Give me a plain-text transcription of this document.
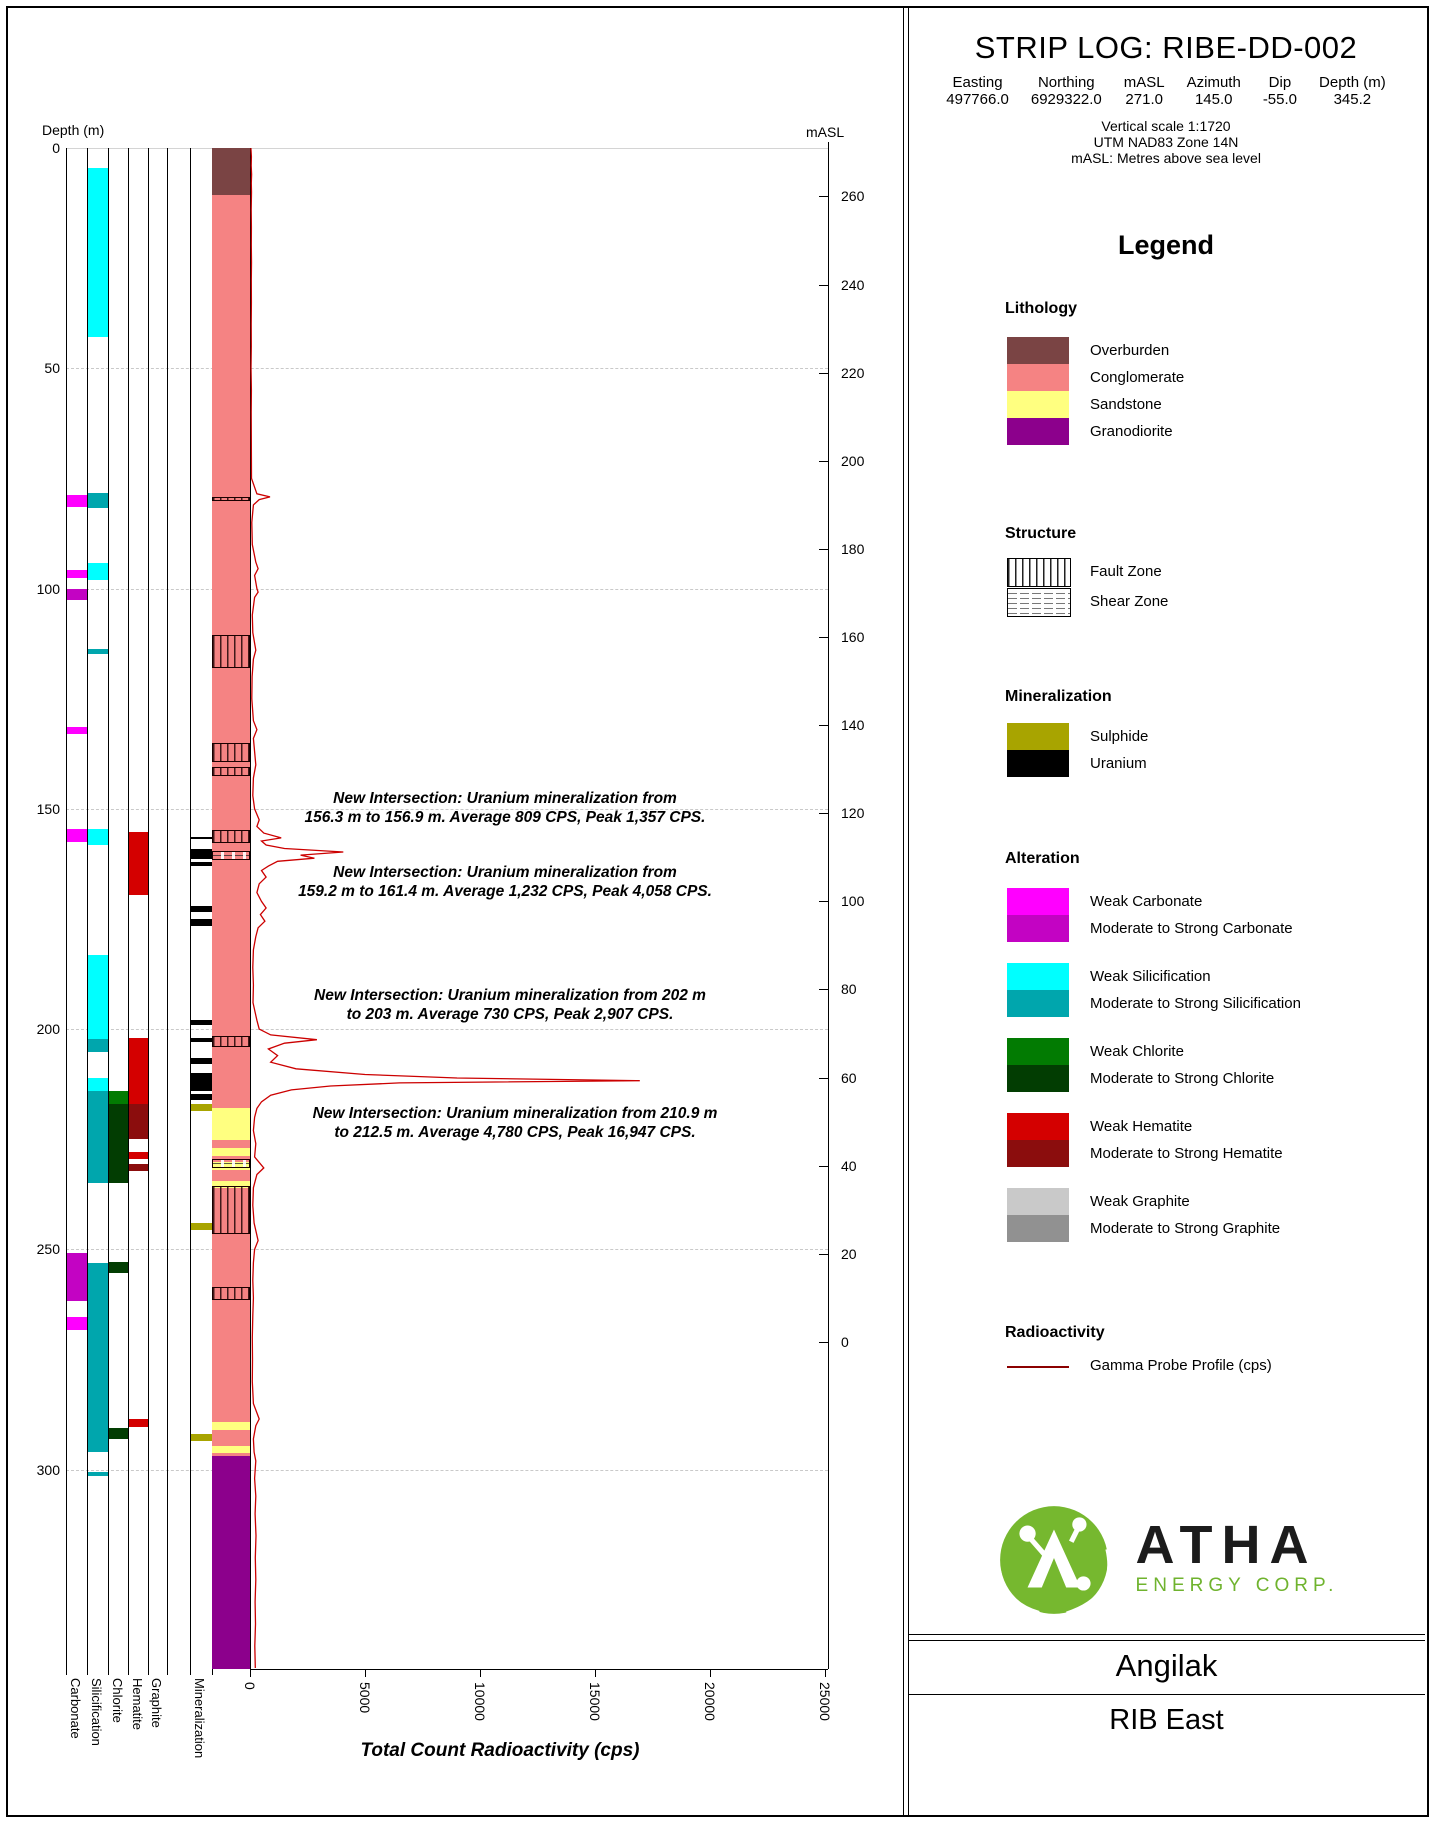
STRIP LOG: RIBE-DD-002
Easting
497766.0
Northing
6929322.0
mASL
271.0
Azimuth
145.0
Dip
-55.0
Depth (m)
345.2
Vertical scale 1:1720
UTM NAD83 Zone 14N
mASL: Metres above sea level
Legend
Lithology
Structure
Mineralization
Alteration
Radioactivity
Overburden
Conglomerate
Sandstone
Granodiorite
Fault Zone
Shear Zone
Sulphide
Uranium
Weak Carbonate
Moderate to Strong Carbonate
Weak Silicification
Moderate to Strong Silicification
Weak Chlorite
Moderate to Strong Chlorite
Weak Hematite
Moderate to Strong Hematite
Weak Graphite
Moderate to Strong Graphite
Gamma Probe Profile (cps)
Depth (m)	mASL
Total Count Radioactivity (cps)
0
50
100
150
200
250
300
Carbonate Silicification Chlorite Hematite Graphite Mineralization
260
240
220
200
180
160
140
120
100
80
60
40
20
0
0	5000	10000	15000	20000	25000
New Intersection: Uranium mineralization from
156.3 m to 156.9 m. Average 809 CPS, Peak 1,357 CPS.
New Intersection: Uranium mineralization from
159.2 m to 161.4 m. Average 1,232 CPS, Peak 4,058 CPS.
New Intersection: Uranium mineralization from 202 m
to 203 m. Average 730 CPS, Peak 2,907 CPS.
New Intersection: Uranium mineralization from 210.9 m
to 212.5 m. Average 4,780 CPS, Peak 16,947 CPS.
ATHA
ENERGY CORP.
Angilak
RIB East
